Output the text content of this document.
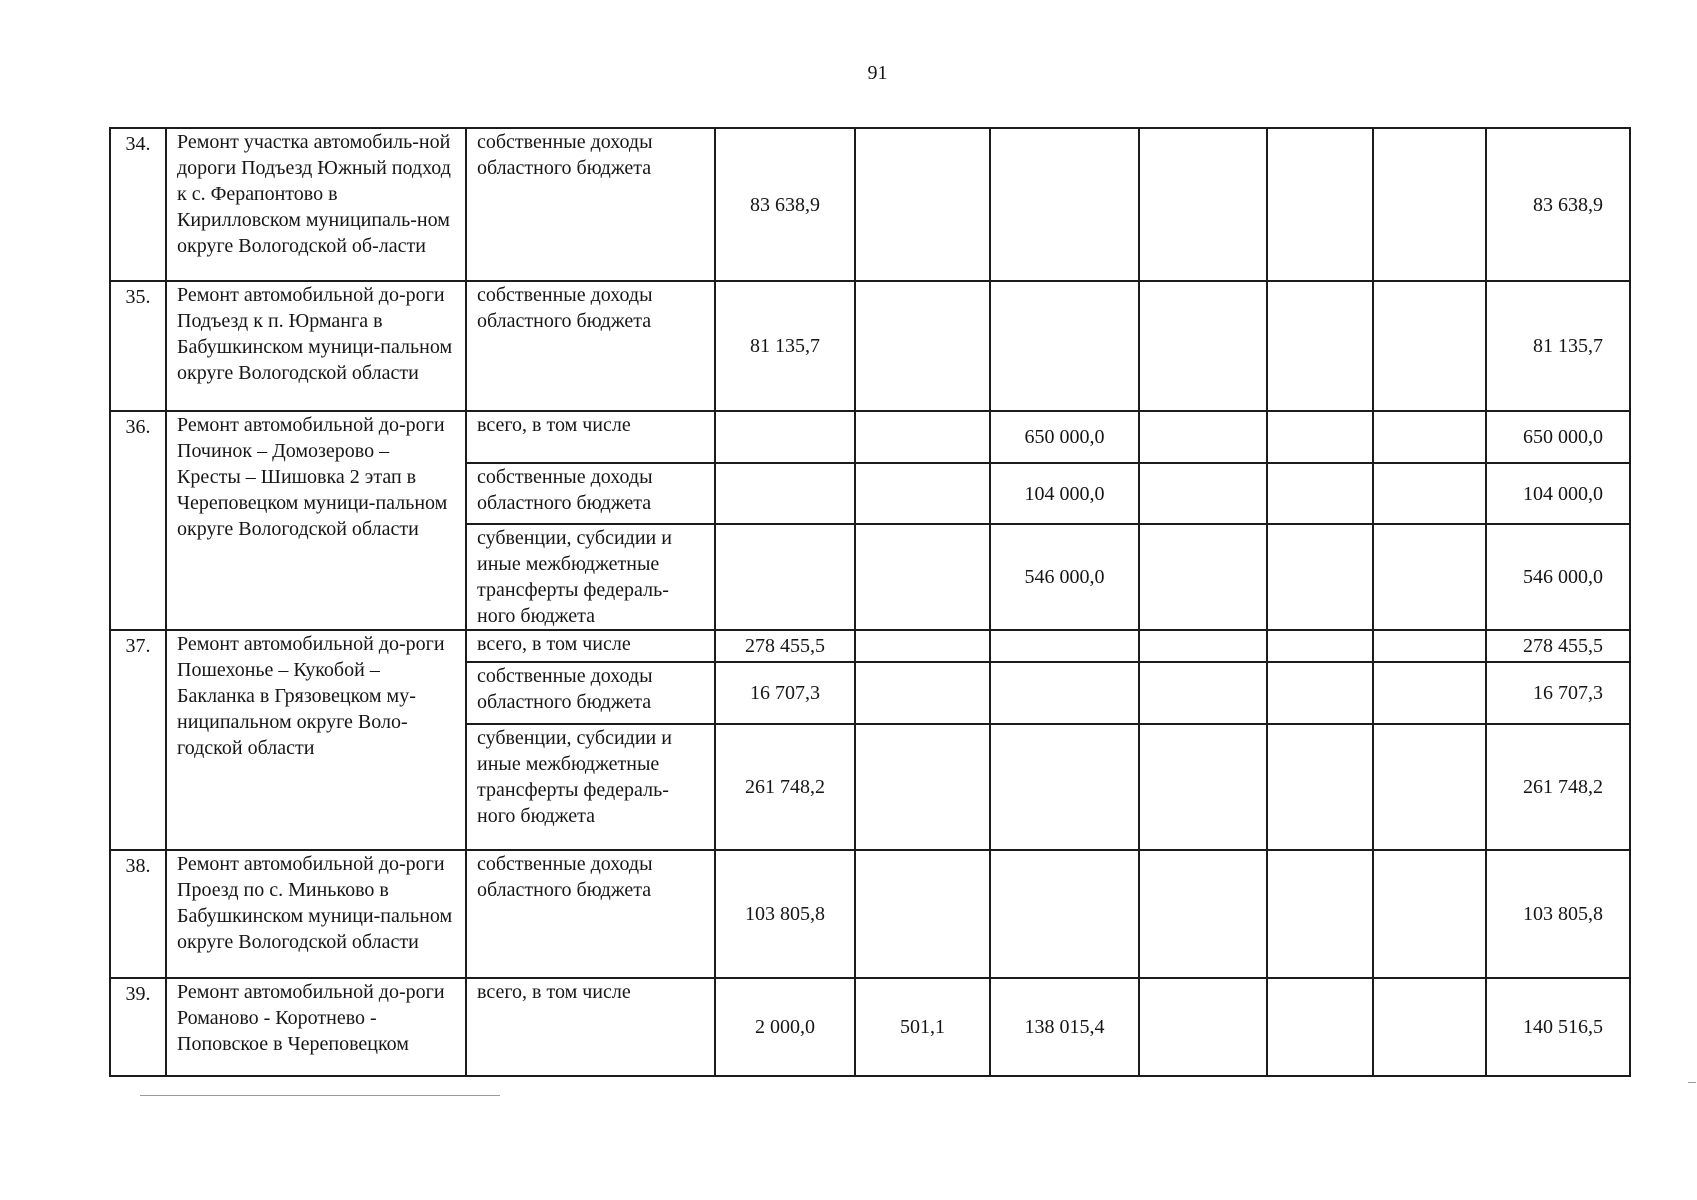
91
34.	Ремонт участка автомобиль-ной дороги Подъезд Южный подход к с. Ферапонтово в Кирилловском муниципаль-ном округе Вологодской об-ласти	собственные доходы областного бюджета	83 638,9						83 638,9
35.	Ремонт автомобильной до-роги Подъезд к п. Юрманга в Бабушкинском муници-пальном округе Вологодской области	собственные доходы областного бюджета	81 135,7						81 135,7
36.	Ремонт автомобильной до-роги Починок – Домозерово – Кресты – Шишовка 2 этап в Череповецком муници-пальном округе Вологодской области	всего, в том числе			650 000,0				650 000,0
		собственные доходы областного бюджета			104 000,0				104 000,0
		субвенции, субсидии и иные межбюджетные трансферты федераль-ного бюджета			546 000,0				546 000,0
37.	Ремонт автомобильной до-роги Пошехонье – Кукобой – Бакланка в Грязовецком му-ниципальном округе Воло-годской области	всего, в том числе	278 455,5						278 455,5
		собственные доходы областного бюджета	16 707,3						16 707,3
		субвенции, субсидии и иные межбюджетные трансферты федераль-ного бюджета	261 748,2						261 748,2
38.	Ремонт автомобильной до-роги Проезд по с. Миньково в Бабушкинском муници-пальном округе Вологодской области	собственные доходы областного бюджета	103 805,8						103 805,8
39.	Ремонт автомобильной до-роги Романово - Коротнево - Поповское в Череповецком	всего, в том числе	2 000,0	501,1	138 015,4				140 516,5
